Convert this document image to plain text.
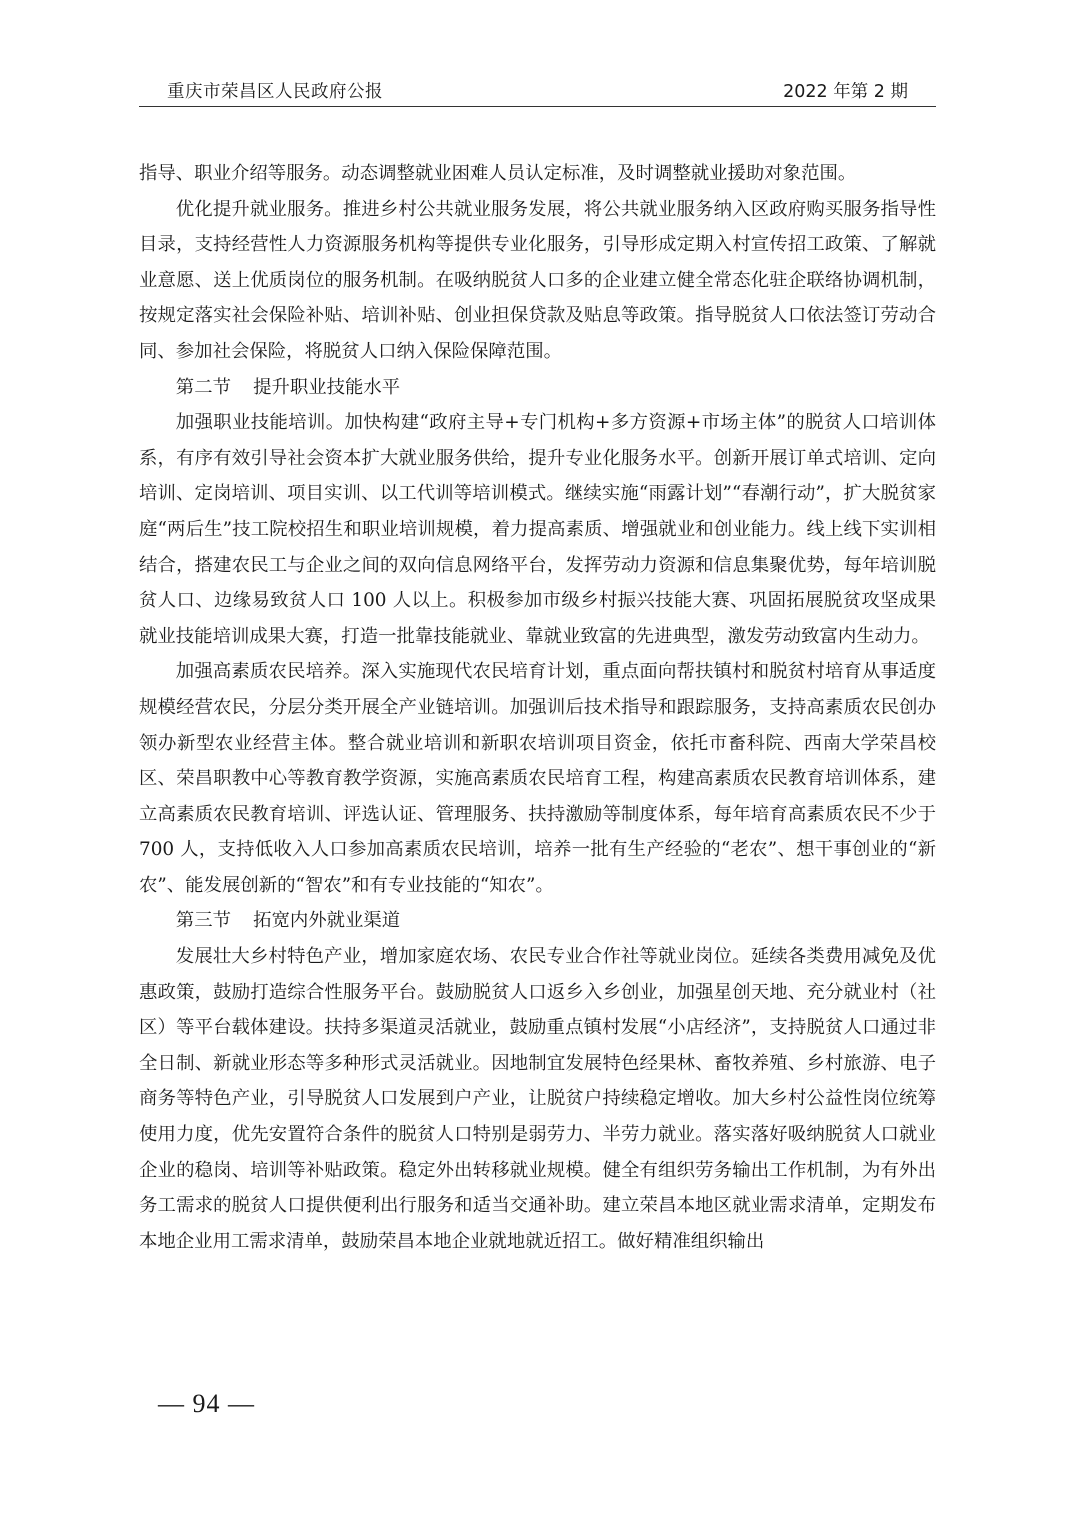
重庆市荣昌区人民政府公报	2022 年第 2 期

指导、职业介绍等服务。动态调整就业困难人员认定标准，及时调整就业援助对象范围。

优化提升就业服务。推进乡村公共就业服务发展，将公共就业服务纳入区政府购买服务指导性目录，支持经营性人力资源服务机构等提供专业化服务，引导形成定期入村宣传招工政策、了解就业意愿、送上优质岗位的服务机制。在吸纳脱贫人口多的企业建立健全常态化驻企联络协调机制，按规定落实社会保险补贴、培训补贴、创业担保贷款及贴息等政策。指导脱贫人口依法签订劳动合同、参加社会保险，将脱贫人口纳入保险保障范围。

第二节 提升职业技能水平

加强职业技能培训。加快构建“政府主导+专门机构+多方资源+市场主体”的脱贫人口培训体系，有序有效引导社会资本扩大就业服务供给，提升专业化服务水平。创新开展订单式培训、定向培训、定岗培训、项目实训、以工代训等培训模式。继续实施“雨露计划”“春潮行动”，扩大脱贫家庭“两后生”技工院校招生和职业培训规模，着力提高素质、增强就业和创业能力。线上线下实训相结合，搭建农民工与企业之间的双向信息网络平台，发挥劳动力资源和信息集聚优势，每年培训脱贫人口、边缘易致贫人口 100 人以上。积极参加市级乡村振兴技能大赛、巩固拓展脱贫攻坚成果就业技能培训成果大赛，打造一批靠技能就业、靠就业致富的先进典型，激发劳动致富内生动力。

加强高素质农民培养。深入实施现代农民培育计划，重点面向帮扶镇村和脱贫村培育从事适度规模经营农民，分层分类开展全产业链培训。加强训后技术指导和跟踪服务，支持高素质农民创办领办新型农业经营主体。整合就业培训和新职农培训项目资金，依托市畜科院、西南大学荣昌校区、荣昌职教中心等教育教学资源，实施高素质农民培育工程，构建高素质农民教育培训体系，建立高素质农民教育培训、评选认证、管理服务、扶持激励等制度体系，每年培育高素质农民不少于 700 人，支持低收入人口参加高素质农民培训，培养一批有生产经验的“老农”、想干事创业的“新农”、能发展创新的“智农”和有专业技能的“知农”。

第三节 拓宽内外就业渠道

发展壮大乡村特色产业，增加家庭农场、农民专业合作社等就业岗位。延续各类费用减免及优惠政策，鼓励打造综合性服务平台。鼓励脱贫人口返乡入乡创业，加强星创天地、充分就业村（社区）等平台载体建设。扶持多渠道灵活就业，鼓励重点镇村发展“小店经济”，支持脱贫人口通过非全日制、新就业形态等多种形式灵活就业。因地制宜发展特色经果林、畜牧养殖、乡村旅游、电子商务等特色产业，引导脱贫人口发展到户产业，让脱贫户持续稳定增收。加大乡村公益性岗位统筹使用力度，优先安置符合条件的脱贫人口特别是弱劳力、半劳力就业。落实落好吸纳脱贫人口就业企业的稳岗、培训等补贴政策。稳定外出转移就业规模。健全有组织劳务输出工作机制，为有外出务工需求的脱贫人口提供便利出行服务和适当交通补助。建立荣昌本地区就业需求清单，定期发布本地企业用工需求清单，鼓励荣昌本地企业就地就近招工。做好精准组织输出

— 94 —
